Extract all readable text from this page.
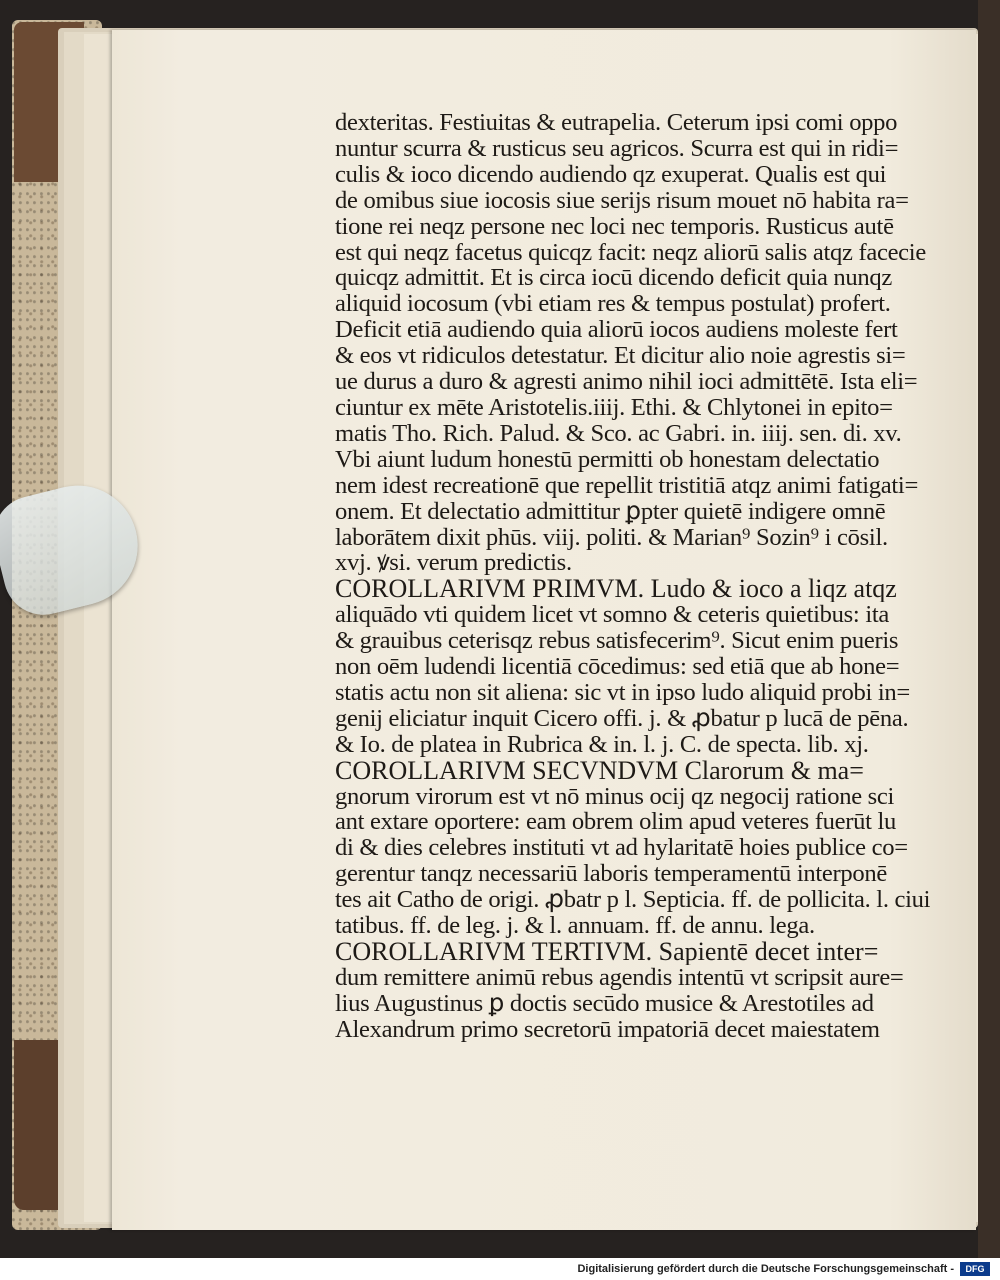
dexteritas. Festiuitas & eutrapelia. Ceterum ipsi comi oppo
nuntur scurra & rusticus seu agricos. Scurra est qui in ridi=
culis & ioco dicendo audiendo qz exuperat. Qualis est qui
de omibus siue iocosis siue serijs risum mouet nō habita ra=
tione rei neqz persone nec loci nec temporis. Rusticus autē
est qui neqz facetus quicqz facit: neqz aliorū salis atqz facecie
quicqz admittit. Et is circa iocū dicendo deficit quia nunqz
aliquid iocosum (vbi etiam res & tempus postulat) profert.
Deficit etiā audiendo quia aliorū iocos audiens moleste fert
& eos vt ridiculos detestatur. Et dicitur alio noie agrestis si=
ue durus a duro & agresti animo nihil ioci admittētē. Ista eli=
ciuntur ex mēte Aristotelis.iiij. Ethi. & Chlytonei in epito=
matis Tho. Rich. Palud. & Sco. ac Gabri. in. iiij. sen. di. xv.
Vbi aiunt ludum honestū permitti ob honestam delectatio
nem idest recreationē que repellit tristitiā atqz animi fatigati=
onem. Et delectatio admittitur ꝑpter quietē indigere omnē
laborātem dixit phūs. viij. politi. & Marian⁹ Sozin⁹ i cōsil.
xvj. ꝟsi. verum predictis.
COROLLARIVM PRIMVM. Ludo & ioco a liqz atqz
aliquādo vti quidem licet vt somno & ceteris quietibus: ita
& grauibus ceterisqz rebus satisfecerim⁹. Sicut enim pueris
non oēm ludendi licentiā cōcedimus: sed etiā que ab hone=
statis actu non sit aliena: sic vt in ipso ludo aliquid probi in=
genij eliciatur inquit Cicero offi. j. & ꝓbatur p lucā de pēna.
& Io. de platea in Rubrica & in. l. j. C. de specta. lib. xj.
COROLLARIVM SECVNDVM Clarorum & ma=
gnorum virorum est vt nō minus ocij qz negocij ratione sci
ant extare oportere: eam obrem olim apud veteres fuerūt lu
di & dies celebres instituti vt ad hylaritatē hoies publice co=
gerentur tanqz necessariū laboris temperamentū interponē
tes ait Catho de origi. ꝓbatr p l. Septicia. ff. de pollicita. l. ciui
tatibus. ff. de leg. j. & l. annuam. ff. de annu. lega.
COROLLARIVM TERTIVM. Sapientē decet inter=
dum remittere animū rebus agendis intentū vt scripsit aure=
lius Augustinus ꝑ doctis secūdo musice & Arestotiles ad
Alexandrum primo secretorū impatoriā decet maiestatem
Digitalisierung gefördert durch die Deutsche Forschungsgemeinschaft -	DFG
